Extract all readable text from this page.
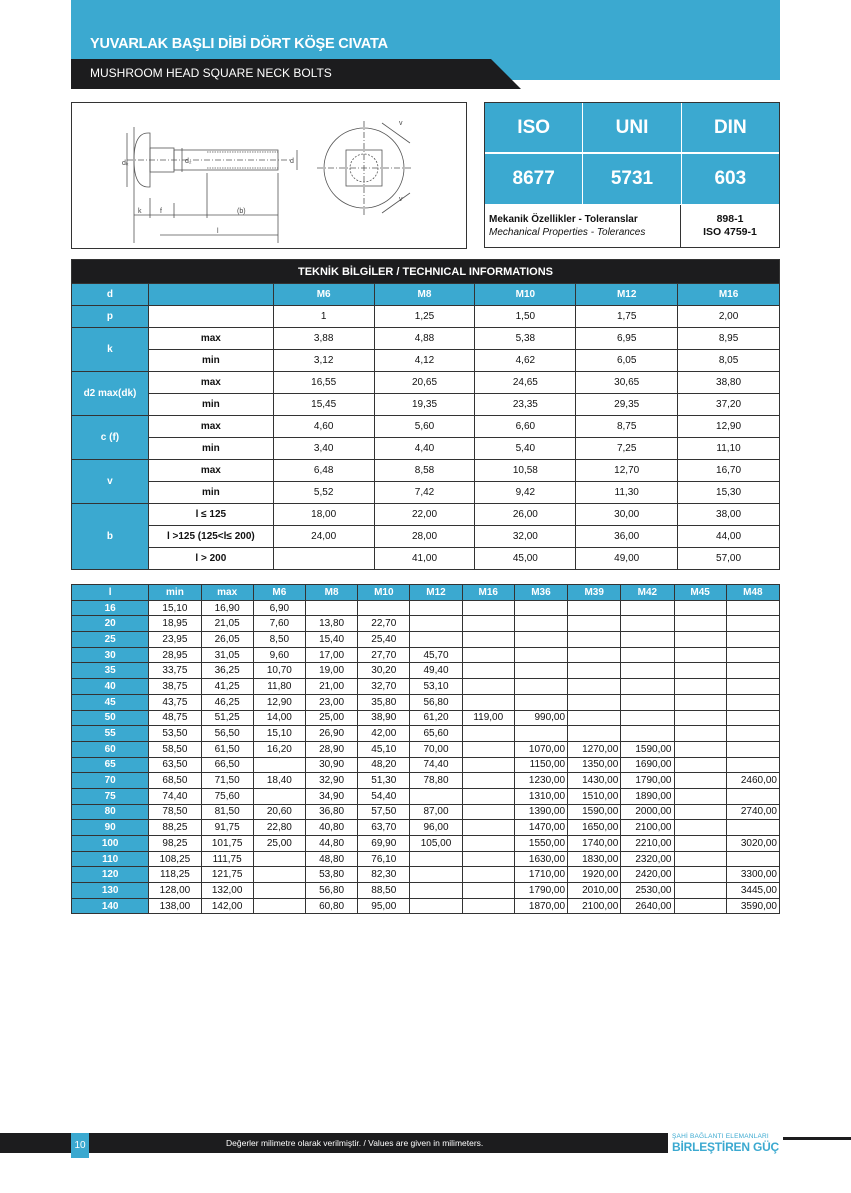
YUVARLAK BAŞLI DİBİ DÖRT KÖŞE CIVATA
MUSHROOM HEAD SQUARE NECK BOLTS
dₖ	d₂	d
k	f	(b)
l
v
v
ISO	UNI	DIN
8677	5731	603
Mekanik Özellikler - Toleranslar
Mechanical Properties - Tolerances
898-1
ISO 4759-1
TEKNİK BİLGİLER / TECHNICAL INFORMATIONS						
d		M6	M8	M10	M12	M16
p		1	1,25	1,50	1,75	2,00
k	max	3,88	4,88	5,38	6,95	8,95
	min	3,12	4,12	4,62	6,05	8,05
d2 max(dk)	max	16,55	20,65	24,65	30,65	38,80
	min	15,45	19,35	23,35	29,35	37,20
c (f)	max	4,60	5,60	6,60	8,75	12,90
	min	3,40	4,40	5,40	7,25	11,10
v	max	6,48	8,58	10,58	12,70	16,70
	min	5,52	7,42	9,42	11,30	15,30
b	l ≤ 125	18,00	22,00	26,00	30,00	38,00
	l >125 (125<l≤ 200)	24,00	28,00	32,00	36,00	44,00
	l > 200		41,00	45,00	49,00	57,00
l	min	max	M6	M8	M10	M12	M16	M36	M39	M42	M45	M48
16	15,10	16,90	6,90									
20	18,95	21,05	7,60	13,80	22,70							
25	23,95	26,05	8,50	15,40	25,40							
30	28,95	31,05	9,60	17,00	27,70	45,70						
35	33,75	36,25	10,70	19,00	30,20	49,40						
40	38,75	41,25	11,80	21,00	32,70	53,10						
45	43,75	46,25	12,90	23,00	35,80	56,80						
50	48,75	51,25	14,00	25,00	38,90	61,20	119,00	990,00				
55	53,50	56,50	15,10	26,90	42,00	65,60						
60	58,50	61,50	16,20	28,90	45,10	70,00		1070,00	1270,00	1590,00		
65	63,50	66,50		30,90	48,20	74,40		1150,00	1350,00	1690,00		
70	68,50	71,50	18,40	32,90	51,30	78,80		1230,00	1430,00	1790,00		2460,00
75	74,40	75,60		34,90	54,40			1310,00	1510,00	1890,00		
80	78,50	81,50	20,60	36,80	57,50	87,00		1390,00	1590,00	2000,00		2740,00
90	88,25	91,75	22,80	40,80	63,70	96,00		1470,00	1650,00	2100,00		
100	98,25	101,75	25,00	44,80	69,90	105,00		1550,00	1740,00	2210,00		3020,00
110	108,25	111,75		48,80	76,10			1630,00	1830,00	2320,00		
120	118,25	121,75		53,80	82,30			1710,00	1920,00	2420,00		3300,00
130	128,00	132,00		56,80	88,50			1790,00	2010,00	2530,00		3445,00
140	138,00	142,00		60,80	95,00			1870,00	2100,00	2640,00		3590,00
10	Değerler milimetre olarak verilmiştir. / Values are given in milimeters.
ŞAHİ BAĞLANTI ELEMANLARI
BİRLEŞTİREN GÜÇ
